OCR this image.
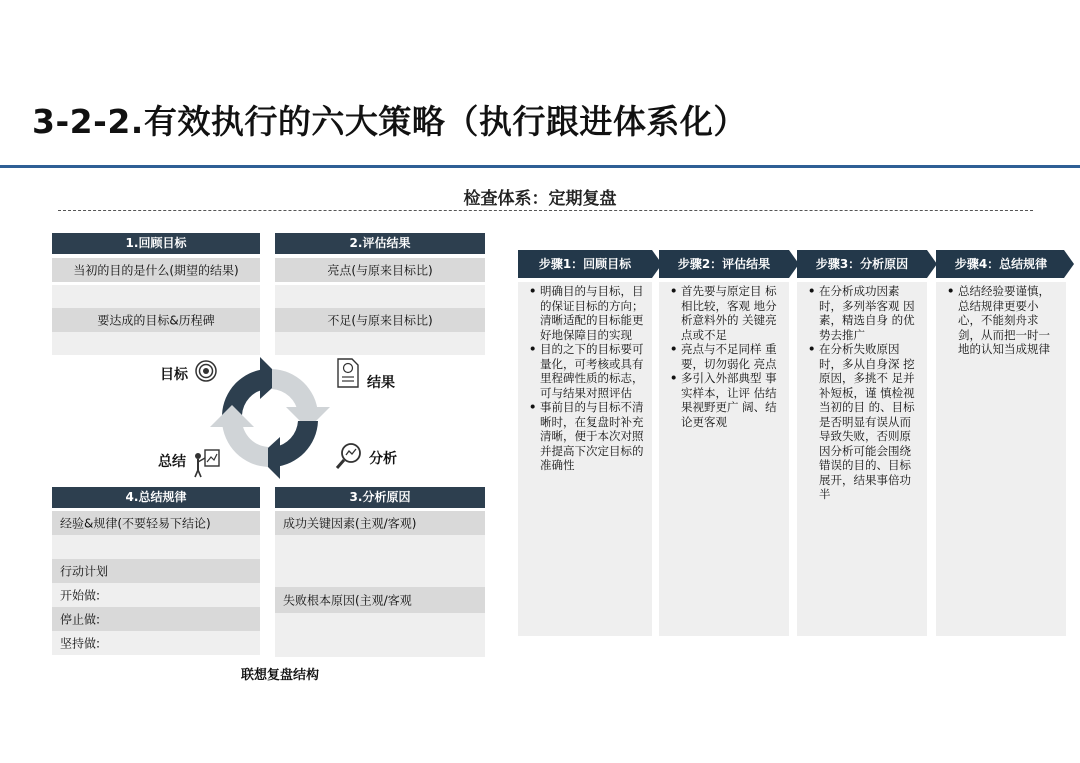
3-2-2.有效执行的六大策略（执行跟进体系化）
检查体系：定期复盘
1.回顾目标
当初的目的是什么(期望的结果)
要达成的目标&历程碑
2.评估结果
亮点(与原来目标比)
不足(与原来目标比)
目标	结果
总结	分析
4.总结规律
经验&规律(不要轻易下结论)
行动计划
开始做:
停止做:
坚持做:
3.分析原因
成功关键因素(主观/客观)
失败根本原因(主观/客观
联想复盘结构
步骤1：回顾目标
• 明确目的与目标，目的保证目标的方向；清晰适配的目标能更好地保障目的实现
• 目的之下的目标要可量化，可考核或具有里程碑性质的标志，可与结果对照评估
• 事前目的与目标不清晰时，在复盘时补充清晰，便于本次对照并提高下次定目标的准确性
步骤2：评估结果
• 首先要与原定目 标相比较，客观 地分析意料外的 关键亮点或不足
• 亮点与不足同样 重要，切勿弱化 亮点
• 多引入外部典型 事实样本，让评 估结果视野更广 阔、结论更客观
步骤3：分析原因
• 在分析成功因素 时，多列举客观 因素，精选自身 的优势去推广
• 在分析失败原因 时，多从自身深 挖原因，多挑不 足并补短板，谨 慎检视当初的目 的、目标是否明显有误从而导致失败，否则原因分析可能会围绕错误的目的、目标展开，结果事倍功半
步骤4：总结规律
• 总结经验要谨慎，总结规律更要小心，不能刻舟求剑，从而把一时一地的认知当成规律
